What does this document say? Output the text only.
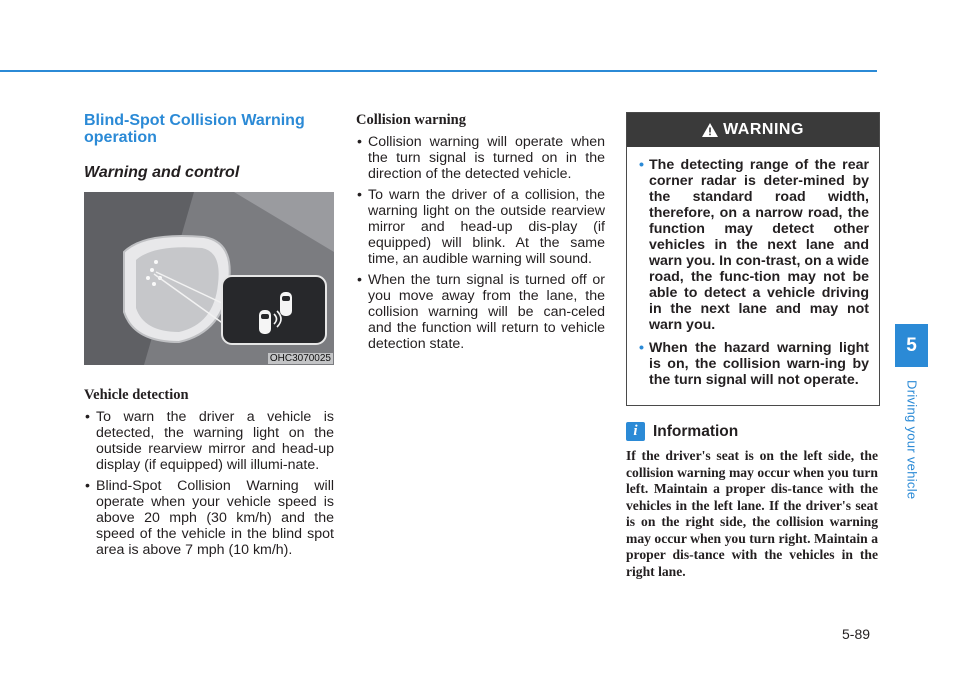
Blind-Spot Collision Warning operation
Warning and control
OHC3070025
Vehicle detection
• To warn the driver a vehicle is detected, the warning light on the outside rearview mirror and head-up display (if equipped) will illumi-nate.
• Blind-Spot Collision Warning will operate when your vehicle speed is above 20 mph (30 km/h) and the speed of the vehicle in the blind spot area is above 7 mph (10 km/h).
Collision warning
• Collision warning will operate when the turn signal is turned on in the direction of the detected vehicle.
• To warn the driver of a collision, the warning light on the outside rearview mirror and head-up dis-play (if equipped) will blink. At the same time, an audible warning will sound.
• When the turn signal is turned off or you move away from the lane, the collision warning will be can-celed and the function will return to vehicle detection state.
WARNING
• The detecting range of the rear corner radar is deter-mined by the standard road width, therefore, on a narrow road, the function may detect other vehicles in the next lane and warn you. In con-trast, on a wide road, the func-tion may not be able to detect a vehicle driving in the next lane and may not warn you.
• When the hazard warning light is on, the collision warn-ing by the turn signal will not operate.
i Information
If the driver's seat is on the left side, the collision warning may occur when you turn left. Maintain a proper dis-tance with the vehicles in the left lane. If the driver's seat is on the right side, the collision warning may occur when you turn right. Maintain a proper dis-tance with the vehicles in the right lane.
5
Driving your vehicle
5-89
